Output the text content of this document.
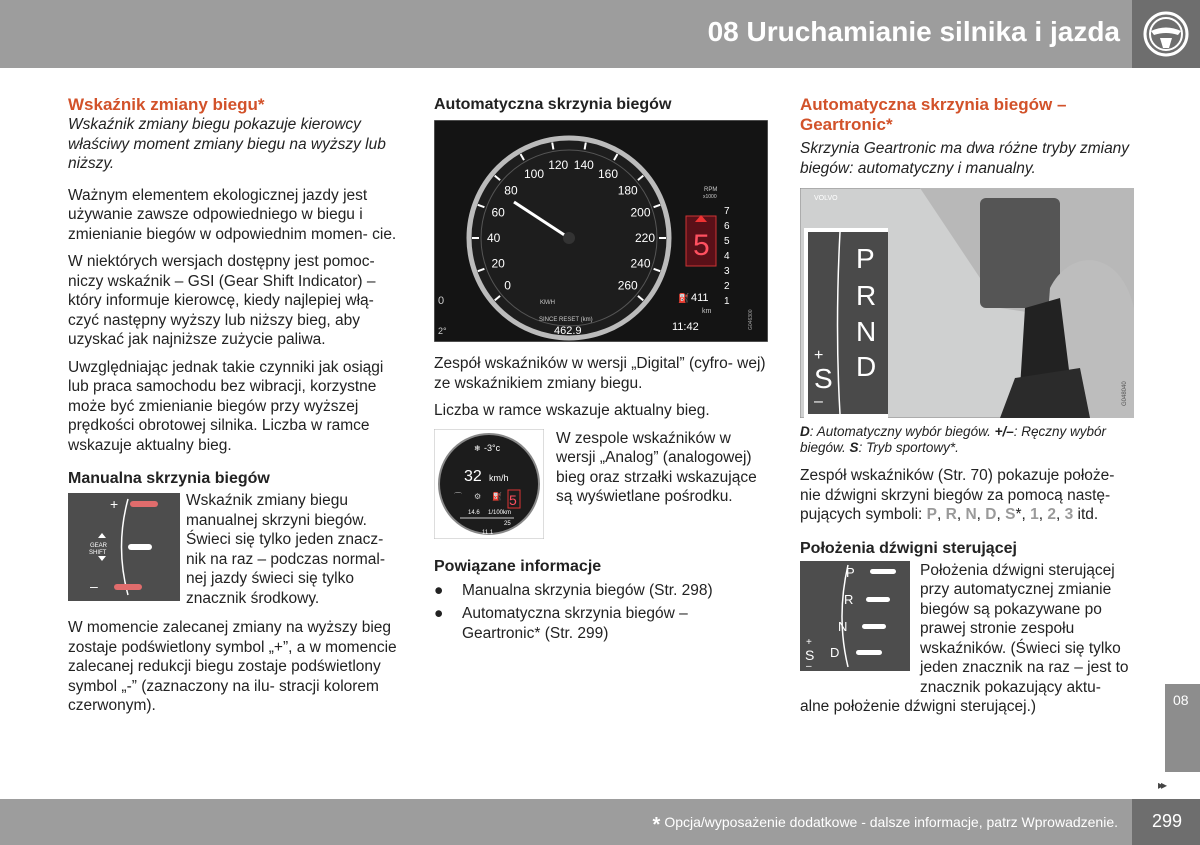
08 Uruchamianie silnika i jazda
Wskaźnik zmiany biegu*

Wskaźnik zmiany biegu pokazuje kierowcy właściwy moment zmiany biegu na wyższy lub niższy.

Ważnym elementem ekologicznej jazdy jest używanie zawsze odpowiedniego w biegu i zmienianie biegów w odpowiednim momen- cie.

W niektórych wersjach dostępny jest pomoc- niczy wskaźnik – GSI (Gear Shift Indicator) – który informuje kierowcę, kiedy najlepiej włą- czyć następny wyższy lub niższy bieg, aby uzyskać jak najniższe zużycie paliwa.

Uwzględniając jednak takie czynniki jak osiągi lub praca samochodu bez wibracji, korzystne może być zmienianie biegów przy wyższej prędkości obrotowej silnika. Liczba w ramce wskazuje aktualny bieg.

Manualna skrzynia biegów
+
GEAR
SHIFT
–

Wskaźnik zmiany biegu manualnej skrzyni biegów. Świeci się tylko jeden znacz- nik na raz – podczas normal- nej jazdy świeci się tylko znacznik środkowy.

W momencie zalecanej zmiany na wyższy bieg zostaje podświetlony symbol „+”, a w momencie zalecanej redukcji biegu zostaje podświetlony symbol „-” (zaznaczony na ilu- stracji kolorem czerwonym).

Automatyczna skrzynia biegów
0
20
40
60
80
100
120 140
160
180
200
220
240
260
KM/H
SINCE RESET (km)
462.9	11:42
2°
0
5
RPM
x1000
7
6
5
4
3
2
1
⛽ 411
km	G046300

Zespół wskaźników w wersji „Digital” (cyfro- wej) ze wskaźnikiem zmiany biegu.

Liczba w ramce wskazuje aktualny bieg.

❄ -3°c
32 km/h
5
⌒ ⚙ ⛽
14.6 1/100km
25
11.1

W zespole wskaźników w wersji „Analog” (analogowej) bieg oraz strzałki wskazujące są wyświetlane pośrodku.

Powiązane informacje
●	Manualna skrzynia biegów (Str. 298)
●	Automatyczna skrzynia biegów – Geartronic* (Str. 299)
Automatyczna skrzynia biegów – Geartronic*

Skrzynia Geartronic ma dwa różne tryby zmiany biegów: automatyczny i manualny.

VOLVO
P
R
N
D
+
S
–	G048040

D: Automatyczny wybór biegów. +/–: Ręczny wybór biegów. S: Tryb sportowy*.

Zespół wskaźników (Str. 70) pokazuje położe- nie dźwigni skrzyni biegów za pomocą nastę- pujących symboli: P, R, N, D, S*, 1, 2, 3 itd.

Położenia dźwigni sterującej
P
R
N
D
+
S
–

Położenia dźwigni sterującej przy automatycznej zmianie biegów są pokazywane po prawej stronie zespołu wskaźników. (Świeci się tylko jeden znacznik na raz – jest to znacznik pokazujący aktu-

alne położenie dźwigni sterującej.)	08
▸▸
* Opcja/wyposażenie dodatkowe - dalsze informacje, patrz Wprowadzenie. 299
